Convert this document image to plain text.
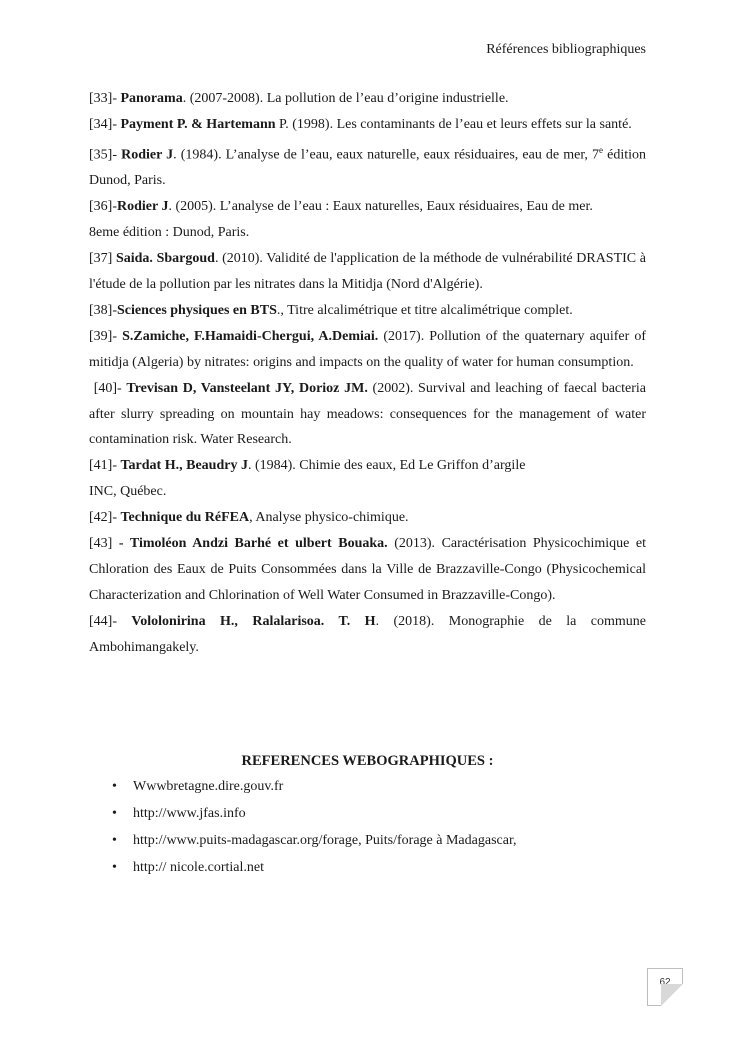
Références bibliographiques

[33]- Panorama. (2007-2008). La pollution de l’eau d’origine industrielle.

[34]- Payment P. & Hartemann P. (1998). Les contaminants de l’eau et leurs effets sur la santé.

[35]- Rodier J. (1984). L’analyse de l’eau, eaux naturelle, eaux résiduaires, eau de mer, 7e édition Dunod, Paris.

[36]-Rodier J. (2005). L’analyse de l’eau : Eaux naturelles, Eaux résiduaires, Eau de mer.
8eme édition : Dunod, Paris.

[37] Saida. Sbargoud. (2010). Validité de l'application de la méthode de vulnérabilité DRASTIC à l'étude de la pollution par les nitrates dans la Mitidja (Nord d'Algérie).

[38]-Sciences physiques en BTS., Titre alcalimétrique et titre alcalimétrique complet.

[39]- S.Zamiche, F.Hamaidi-Chergui, A.Demiai. (2017). Pollution of the quaternary aquifer of mitidja (Algeria) by nitrates: origins and impacts on the quality of water for human consumption.

[40]- Trevisan D, Vansteelant JY, Dorioz JM. (2002). Survival and leaching of faecal bacteria after slurry spreading on mountain hay meadows: consequences for the management of water contamination risk. Water Research.

[41]- Tardat H., Beaudry J. (1984). Chimie des eaux, Ed Le Griffon d’argile
INC, Québec.

[42]- Technique du RéFEA, Analyse physico-chimique.

[43] - Timoléon Andzi Barhé et ulbert Bouaka. (2013). Caractérisation Physicochimique et Chloration des Eaux de Puits Consommées dans la Ville de Brazzaville-Congo (Physicochemical Characterization and Chlorination of Well Water Consumed in Brazzaville-Congo).

[44]- Vololonirina H., Ralalarisoa. T. H. (2018). Monographie de la commune Ambohimangakely.

REFERENCES WEBOGRAPHIQUES :
• Wwwbretagne.dire.gouv.fr
• http://www.jfas.info
• http://www.puits-madagascar.org/forage, Puits/forage à Madagascar,
• http:// nicole.cortial.net
62
